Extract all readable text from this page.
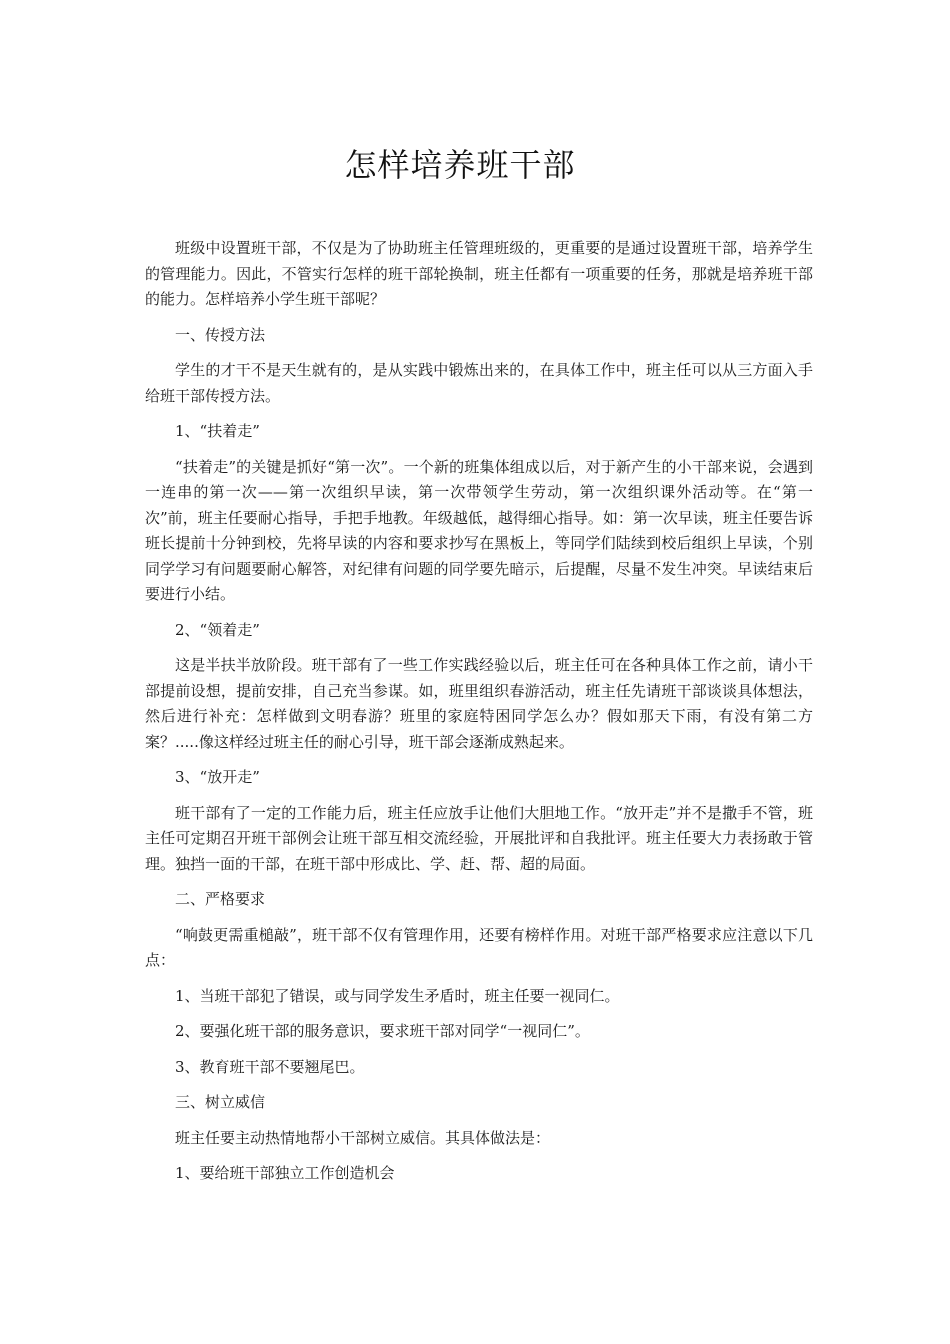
怎样培养班干部

班级中设置班干部，不仅是为了协助班主任管理班级的，更重要的是通过设置班干部，培养学生的管理能力。因此，不管实行怎样的班干部轮换制，班主任都有一项重要的任务，那就是培养班干部的能力。怎样培养小学生班干部呢？

一、传授方法

学生的才干不是天生就有的，是从实践中锻炼出来的，在具体工作中，班主任可以从三方面入手给班干部传授方法。

1、“扶着走”

“扶着走”的关键是抓好“第一次”。一个新的班集体组成以后，对于新产生的小干部来说，会遇到一连串的第一次——第一次组织早读，第一次带领学生劳动，第一次组织课外活动等。在“第一次”前，班主任要耐心指导，手把手地教。年级越低，越得细心指导。如：第一次早读，班主任要告诉班长提前十分钟到校，先将早读的内容和要求抄写在黑板上，等同学们陆续到校后组织上早读，个别同学学习有问题要耐心解答，对纪律有问题的同学要先暗示，后提醒，尽量不发生冲突。早读结束后要进行小结。

2、“领着走”

这是半扶半放阶段。班干部有了一些工作实践经验以后，班主任可在各种具体工作之前，请小干部提前设想，提前安排，自己充当参谋。如，班里组织春游活动，班主任先请班干部谈谈具体想法，然后进行补充：怎样做到文明春游？班里的家庭特困同学怎么办？假如那天下雨，有没有第二方案？.....像这样经过班主任的耐心引导，班干部会逐渐成熟起来。

3、“放开走”

班干部有了一定的工作能力后，班主任应放手让他们大胆地工作。“放开走”并不是撒手不管，班主任可定期召开班干部例会让班干部互相交流经验，开展批评和自我批评。班主任要大力表扬敢于管理。独挡一面的干部，在班干部中形成比、学、赶、帮、超的局面。

二、严格要求

“响鼓更需重槌敲”，班干部不仅有管理作用，还要有榜样作用。对班干部严格要求应注意以下几点：

1、当班干部犯了错误，或与同学发生矛盾时，班主任要一视同仁。

2、要强化班干部的服务意识，要求班干部对同学“一视同仁”。

3、教育班干部不要翘尾巴。

三、树立威信

班主任要主动热情地帮小干部树立威信。其具体做法是：

1、要给班干部独立工作创造机会
